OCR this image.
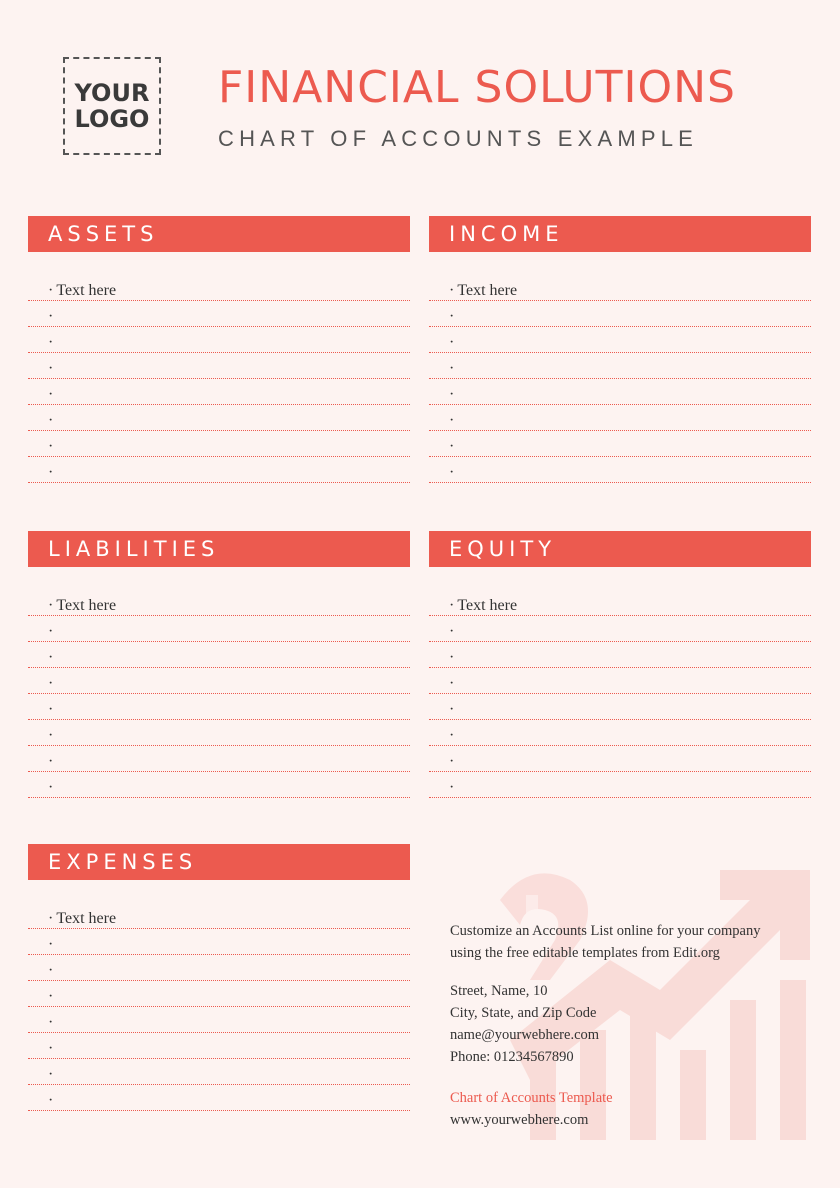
YOUR
LOGO
FINANCIAL SOLUTIONS
CHART OF ACCOUNTS EXAMPLE
ASSETS
· Text here
·
·
·
·
·
·
·
INCOME
· Text here
·
·
·
·
·
·
·
LIABILITIES
· Text here
·
·
·
·
·
·
·
EQUITY
· Text here
·
·
·
·
·
·
·
EXPENSES
· Text here
·
·
·
·
·
·
·
Customize an Accounts List online for your company
using the free editable templates from Edit.org
Street, Name, 10
City, State, and Zip Code
name@yourwebhere.com
Phone: 01234567890
Chart of Accounts Template
www.yourwebhere.com
